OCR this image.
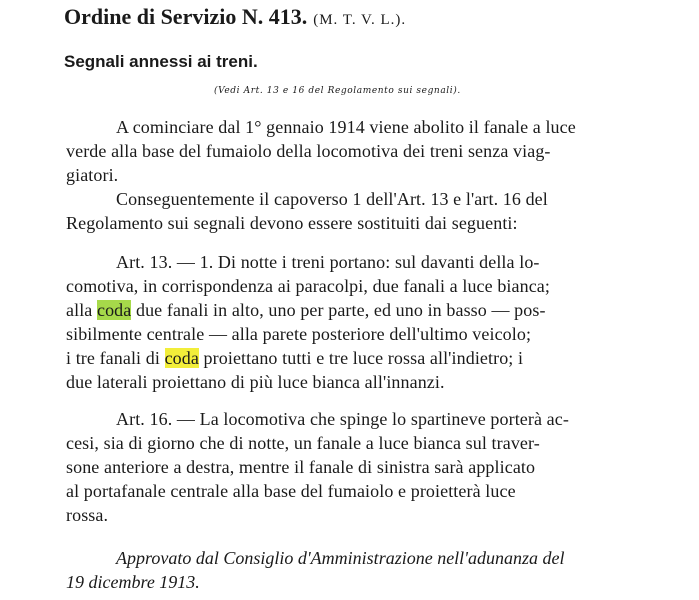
Ordine di Servizio N. 413. (M. T. V. L.).
Segnali annessi ai treni.
(Vedi Art. 13 e 16 del Regolamento sui segnali).
A cominciare dal 1° gennaio 1914 viene abolito il fanale a luce
verde alla base del fumaiolo della locomotiva dei treni senza viag-
giatori.
Conseguentemente il capoverso 1 dell'Art. 13 e l'art. 16 del
Regolamento sui segnali devono essere sostituiti dai seguenti:
Art. 13. — 1. Di notte i treni portano: sul davanti della lo-
comotiva, in corrispondenza ai paracolpi, due fanali a luce bianca;
alla coda due fanali in alto, uno per parte, ed uno in basso — pos-
sibilmente centrale — alla parete posteriore dell'ultimo veicolo;
i tre fanali di coda proiettano tutti e tre luce rossa all'indietro; i
due laterali proiettano di più luce bianca all'innanzi.
Art. 16. — La locomotiva che spinge lo spartineve porterà ac-
cesi, sia di giorno che di notte, un fanale a luce bianca sul traver-
sone anteriore a destra, mentre il fanale di sinistra sarà applicato
al portafanale centrale alla base del fumaiolo e proietterà luce
rossa.
Approvato dal Consiglio d'Amministrazione nell'adunanza del
19 dicembre 1913.
